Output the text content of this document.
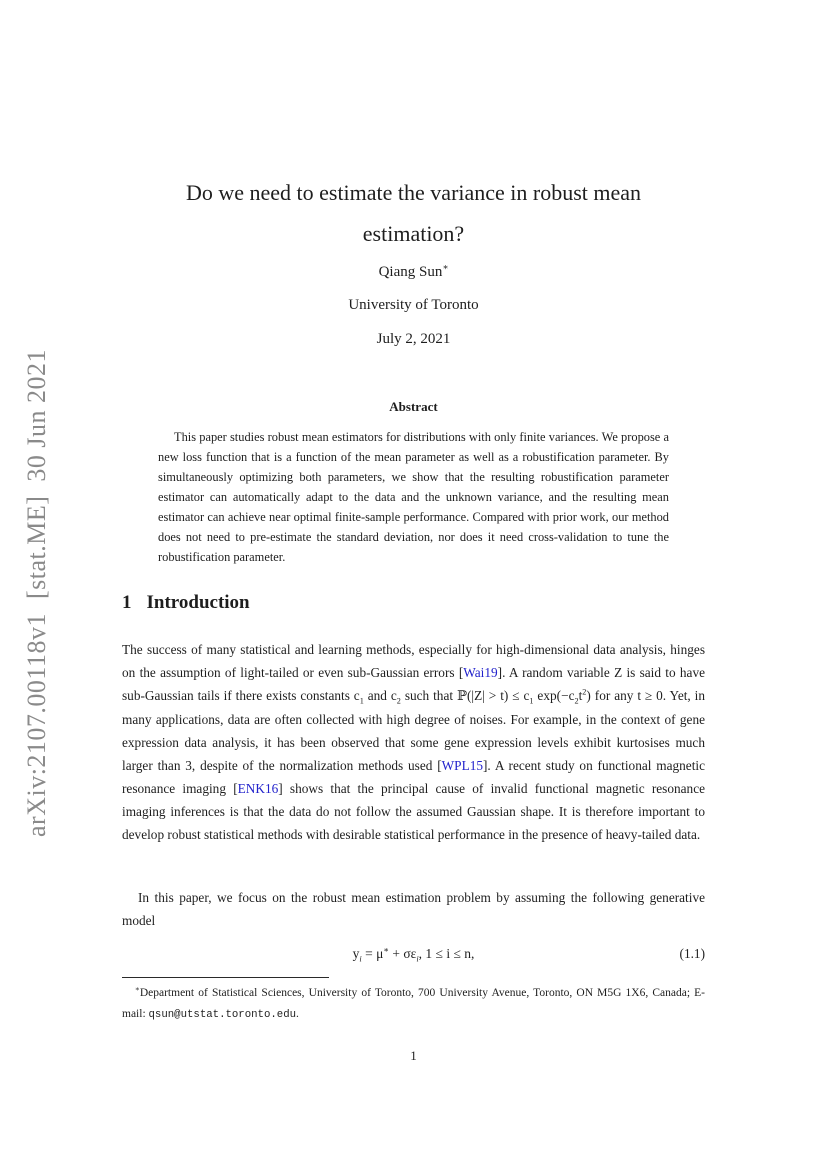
arXiv:2107.00118v1  [stat.ME]  30 Jun 2021
Do we need to estimate the variance in robust mean estimation?
Qiang Sun∗
University of Toronto
July 2, 2021
Abstract
This paper studies robust mean estimators for distributions with only finite variances. We propose a new loss function that is a function of the mean parameter as well as a robustification parameter. By simultaneously optimizing both parameters, we show that the resulting robustification parameter estimator can automatically adapt to the data and the unknown variance, and the resulting mean estimator can achieve near optimal finite-sample performance. Compared with prior work, our method does not need to pre-estimate the standard deviation, nor does it need cross-validation to tune the robustification parameter.
1 Introduction
The success of many statistical and learning methods, especially for high-dimensional data analysis, hinges on the assumption of light-tailed or even sub-Gaussian errors [Wai19]. A random variable Z is said to have sub-Gaussian tails if there exists constants $c_1$ and $c_2$ such that ℙ(|Z| > $t) \le c_1$ $\exp(-c_2t^2)$ for any t ≥ 0. Yet, in many applications, data are often collected with high degree of noises. For example, in the context of gene expression data analysis, it has been observed that some gene expression levels exhibit kurtosises much larger than 3, despite of the normalization methods used [WPL15]. A recent study on functional magnetic resonance imaging [ENK16] shows that the principal cause of invalid functional magnetic resonance imaging inferences is that the data do not follow the assumed Gaussian shape. It is therefore important to develop robust statistical methods with desirable statistical performance in the presence of heavy-tailed data.
In this paper, we focus on the robust mean estimation problem by assuming the following generative model
$y_i = \mu^∗ + \sigma\varepsilon_i$, 1 ≤ i ≤ n,	(1.1)
∗Department of Statistical Sciences, University of Toronto, 700 University Avenue, Toronto, ON M5G 1X6, Canada; E-mail: qsun@utstat.toronto.edu.
1
